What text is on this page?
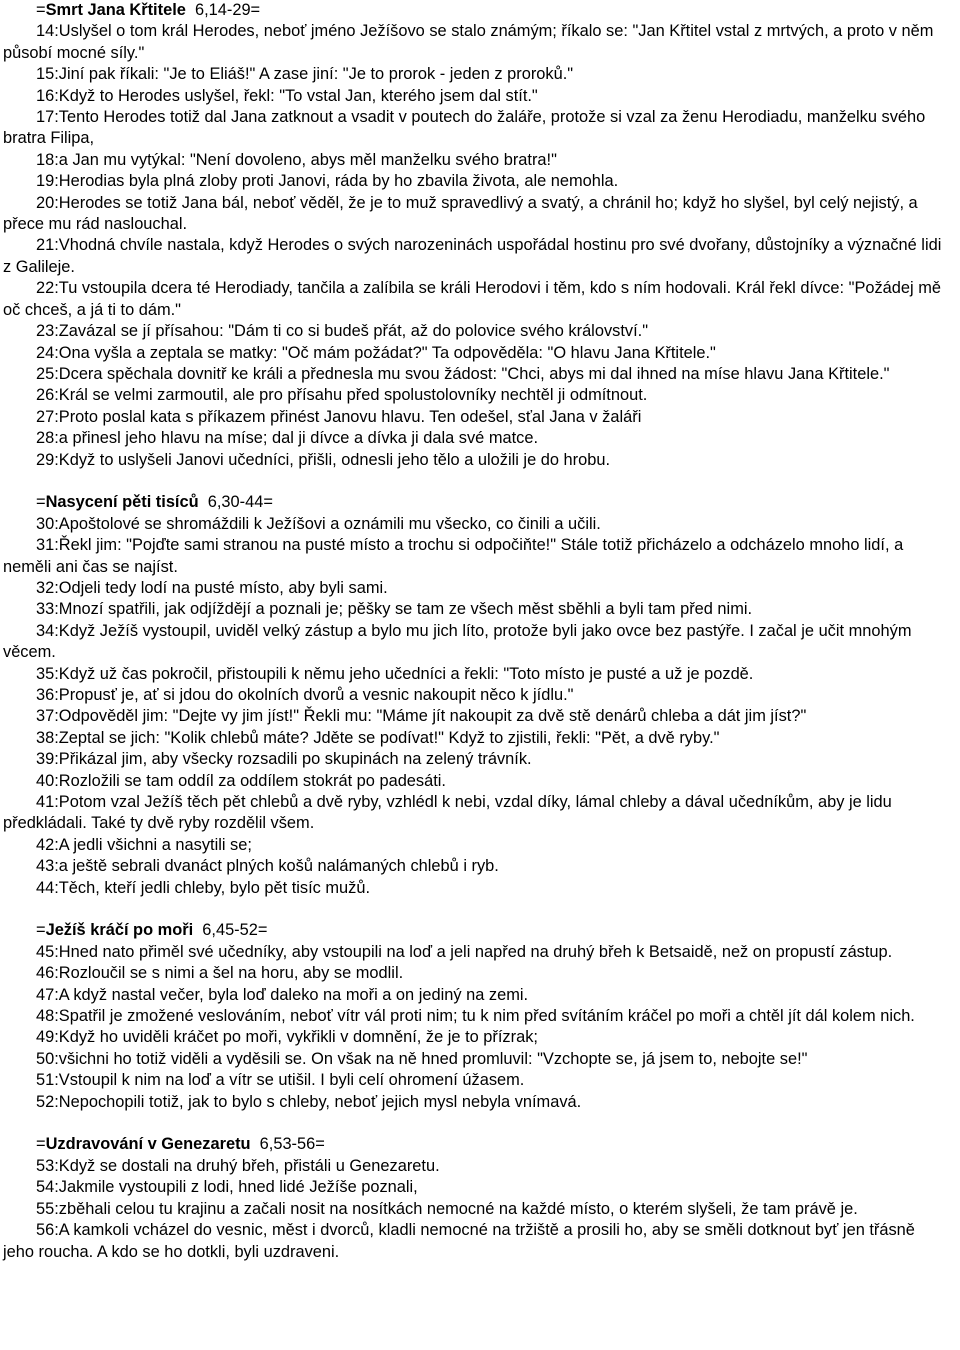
=Smrt Jana Křtitele  6,14-29=

14:Uslyšel o tom král Herodes, neboť jméno Ježíšovo se stalo známým; říkalo se: "Jan Křtitel vstal z mrtvých, a proto v něm působí mocné síly."

15:Jiní pak říkali: "Je to Eliáš!" A zase jiní: "Je to prorok - jeden z proroků."

16:Když to Herodes uslyšel, řekl: "To vstal Jan, kterého jsem dal stít."

17:Tento Herodes totiž dal Jana zatknout a vsadit v poutech do žaláře, protože si vzal za ženu Herodiadu, manželku svého bratra Filipa,

18:a Jan mu vytýkal: "Není dovoleno, abys měl manželku svého bratra!"

19:Herodias byla plná zloby proti Janovi, ráda by ho zbavila života, ale nemohla.

20:Herodes se totiž Jana bál, neboť věděl, že je to muž spravedlivý a svatý, a chránil ho; když ho slyšel, byl celý nejistý, a přece mu rád naslouchal.

21:Vhodná chvíle nastala, když Herodes o svých narozeninách uspořádal hostinu pro své dvořany, důstojníky a význačné lidi z Galileje.

22:Tu vstoupila dcera té Herodiady, tančila a zalíbila se králi Herodovi i těm, kdo s ním hodovali. Král řekl dívce: "Požádej mě oč chceš, a já ti to dám."

23:Zavázal se jí přísahou: "Dám ti co si budeš přát, až do polovice svého království."

24:Ona vyšla a zeptala se matky: "Oč mám požádat?" Ta odpověděla: "O hlavu Jana Křtitele."

25:Dcera spěchala dovnitř ke králi a přednesla mu svou žádost: "Chci, abys mi dal ihned na míse hlavu Jana Křtitele."

26:Král se velmi zarmoutil, ale pro přísahu před spolustolovníky nechtěl ji odmítnout.

27:Proto poslal kata s příkazem přinést Janovu hlavu. Ten odešel, sťal Jana v žaláři

28:a přinesl jeho hlavu na míse; dal ji dívce a dívka ji dala své matce.

29:Když to uslyšeli Janovi učedníci, přišli, odnesli jeho tělo a uložili je do hrobu.

=Nasycení pěti tisíců  6,30-44=

30:Apoštolové se shromáždili k Ježíšovi a oznámili mu všecko, co činili a učili.

31:Řekl jim: "Pojďte sami stranou na pusté místo a trochu si odpočiňte!" Stále totiž přicházelo a odcházelo mnoho lidí, a neměli ani čas se najíst.

32:Odjeli tedy lodí na pusté místo, aby byli sami.

33:Mnozí spatřili, jak odjíždějí a poznali je; pěšky se tam ze všech měst sběhli a byli tam před nimi.

34:Když Ježíš vystoupil, uviděl velký zástup a bylo mu jich líto, protože byli jako ovce bez pastýře. I začal je učit mnohým věcem.

35:Když už čas pokročil, přistoupili k němu jeho učedníci a řekli: "Toto místo je pusté a už je pozdě.

36:Propusť je, ať si jdou do okolních dvorů a vesnic nakoupit něco k jídlu."

37:Odpověděl jim: "Dejte vy jim jíst!" Řekli mu: "Máme jít nakoupit za dvě stě denárů chleba a dát jim jíst?"

38:Zeptal se jich: "Kolik chlebů máte? Jděte se podívat!" Když to zjistili, řekli: "Pět, a dvě ryby."

39:Přikázal jim, aby všecky rozsadili po skupinách na zelený trávník.

40:Rozložili se tam oddíl za oddílem stokrát po padesáti.

41:Potom vzal Ježíš těch pět chlebů a dvě ryby, vzhlédl k nebi, vzdal díky, lámal chleby a dával učedníkům, aby je lidu předkládali. Také ty dvě ryby rozdělil všem.

42:A jedli všichni a nasytili se;

43:a ještě sebrali dvanáct plných košů nalámaných chlebů i ryb.

44:Těch, kteří jedli chleby, bylo pět tisíc mužů.

=Ježíš kráčí po moři  6,45-52=

45:Hned nato přiměl své učedníky, aby vstoupili na loď a jeli napřed na druhý břeh k Betsaidě, než on propustí zástup.

46:Rozloučil se s nimi a šel na horu, aby se modlil.

47:A když nastal večer, byla loď daleko na moři a on jediný na zemi.

48:Spatřil je zmožené veslováním, neboť vítr vál proti nim; tu k nim před svítáním kráčel po moři a chtěl jít dál kolem nich.

49:Když ho uviděli kráčet po moři, vykřikli v domnění, že je to přízrak;

50:všichni ho totiž viděli a vyděsili se. On však na ně hned promluvil: "Vzchopte se, já jsem to, nebojte se!"

51:Vstoupil k nim na loď a vítr se utišil. I byli celí ohromení úžasem.

52:Nepochopili totiž, jak to bylo s chleby, neboť jejich mysl nebyla vnímavá.

=Uzdravování v Genezaretu  6,53-56=

53:Když se dostali na druhý břeh, přistáli u Genezaretu.

54:Jakmile vystoupili z lodi, hned lidé Ježíše poznali,

55:zběhali celou tu krajinu a začali nosit na nosítkách nemocné na každé místo, o kterém slyšeli, že tam právě je.

56:A kamkoli vcházel do vesnic, měst i dvorců, kladli nemocné na tržiště a prosili ho, aby se směli dotknout byť jen třásně jeho roucha. A kdo se ho dotkli, byli uzdraveni.
